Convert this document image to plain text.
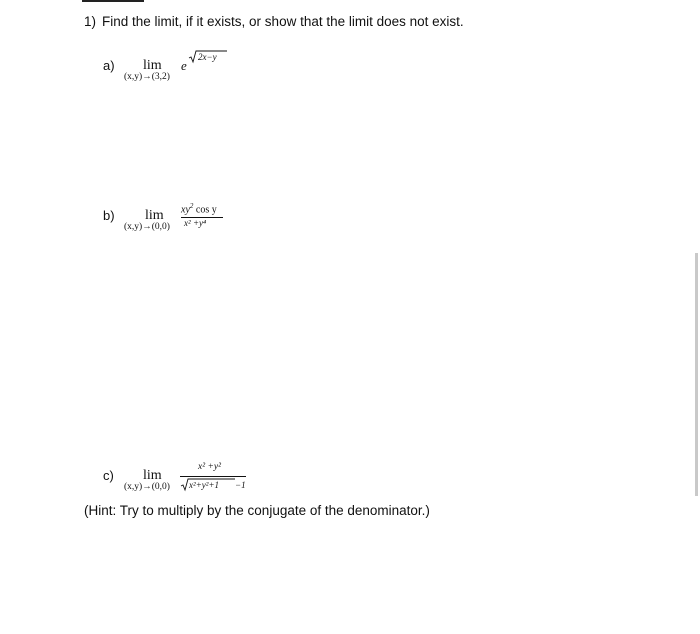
1) Find the limit, if it exists, or show that the limit does not exist.
a) lim
(x,y)→(3,2)
e
2x−y
b) lim
(x,y)→(0,0)
$xy^2$ cos y
x² +y⁴
c) lim
(x,y)→(0,0)
x² +y²
x²+y²+1 −1
(Hint: Try to multiply by the conjugate of the denominator.)
